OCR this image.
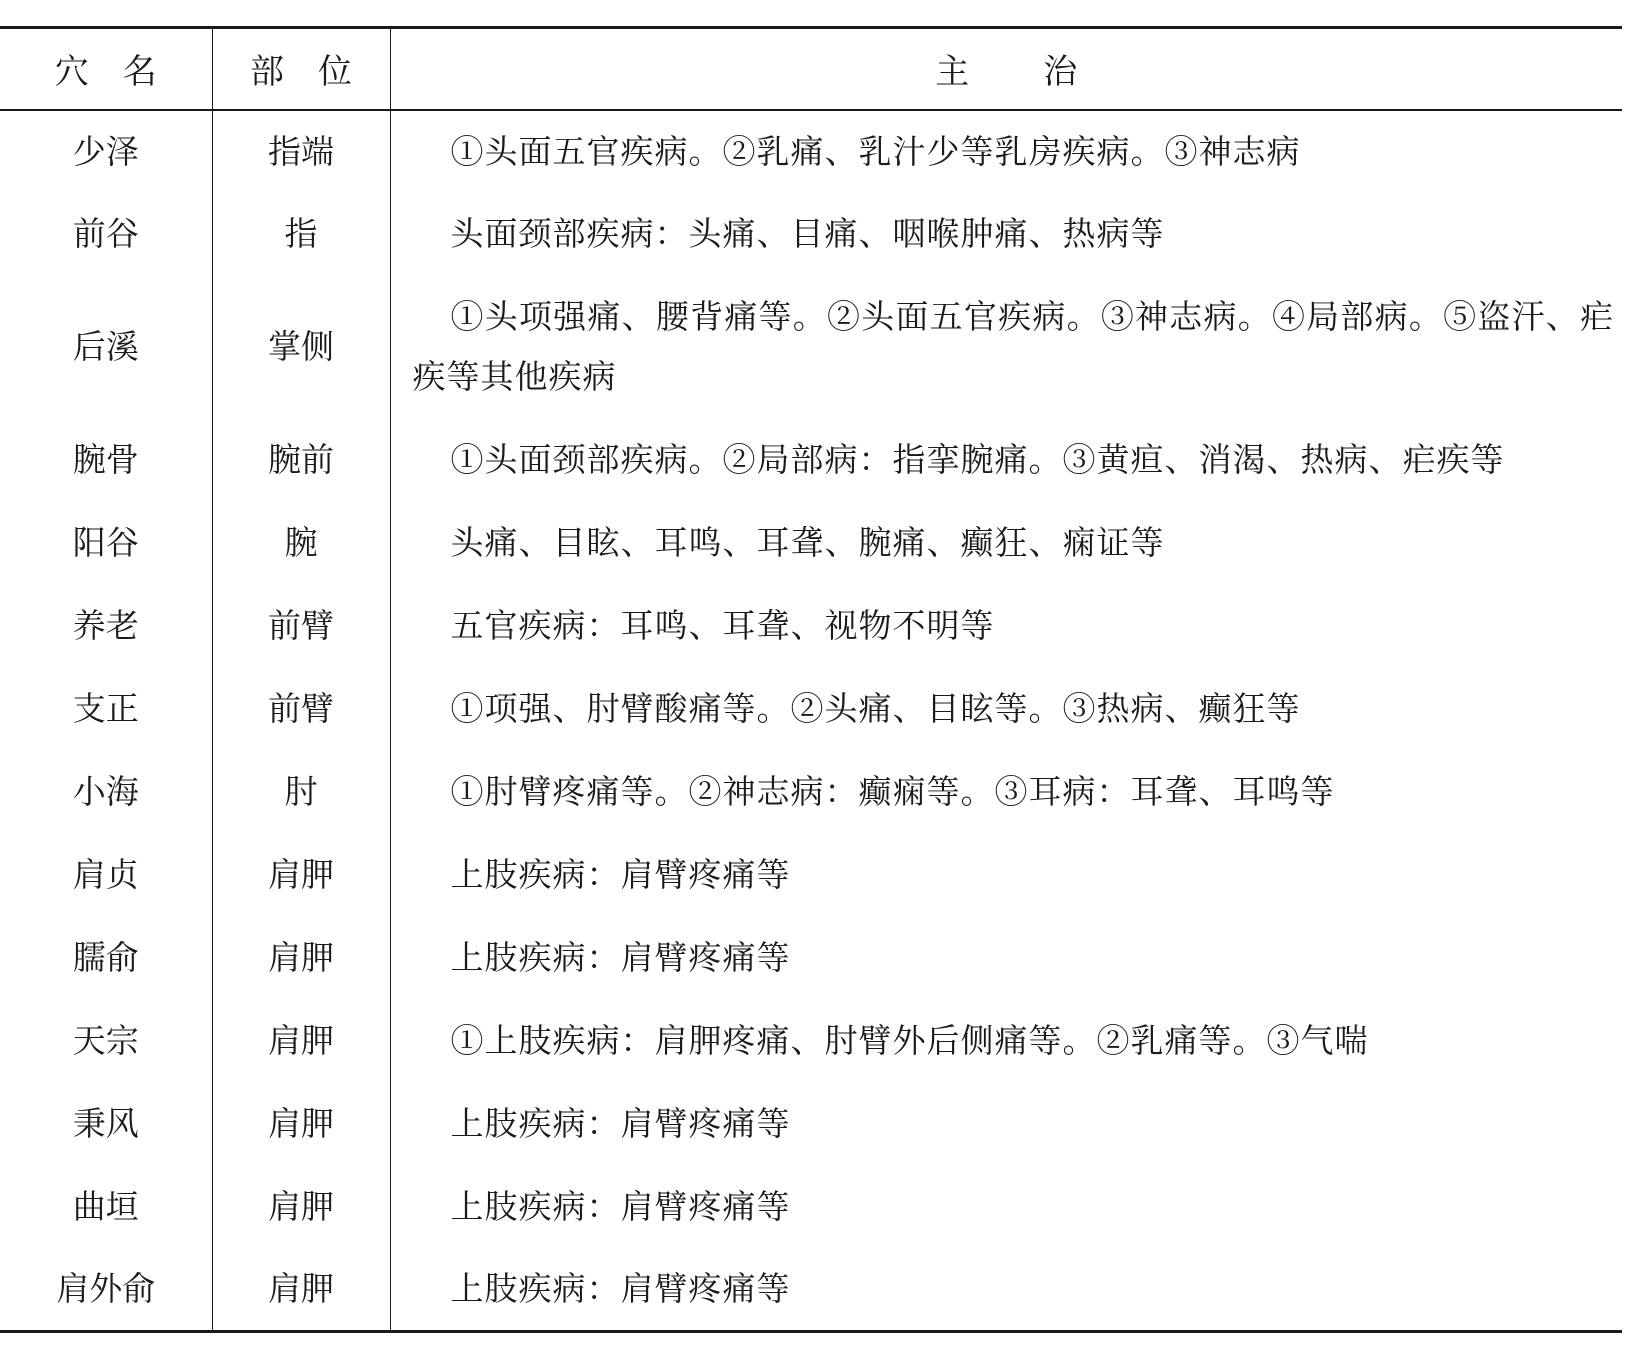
穴名	部位	主治
少泽	指端	①头面五官疾病。②乳痛、乳汁少等乳房疾病。③神志病
前谷	指	头面颈部疾病：头痛、目痛、咽喉肿痛、热病等
后溪	掌侧	①头项强痛、腰背痛等。②头面五官疾病。③神志病。④局部病。⑤盗汗、疟疾等其他疾病
腕骨	腕前	①头面颈部疾病。②局部病：指挛腕痛。③黄疸、消渴、热病、疟疾等
阳谷	腕	头痛、目眩、耳鸣、耳聋、腕痛、癫狂、痫证等
养老	前臂	五官疾病：耳鸣、耳聋、视物不明等
支正	前臂	①项强、肘臂酸痛等。②头痛、目眩等。③热病、癫狂等
小海	肘	①肘臂疼痛等。②神志病：癫痫等。③耳病：耳聋、耳鸣等
肩贞	肩胛	上肢疾病：肩臂疼痛等
臑俞	肩胛	上肢疾病：肩臂疼痛等
天宗	肩胛	①上肢疾病：肩胛疼痛、肘臂外后侧痛等。②乳痛等。③气喘
秉风	肩胛	上肢疾病：肩臂疼痛等
曲垣	肩胛	上肢疾病：肩臂疼痛等
肩外俞	肩胛	上肢疾病：肩臂疼痛等
